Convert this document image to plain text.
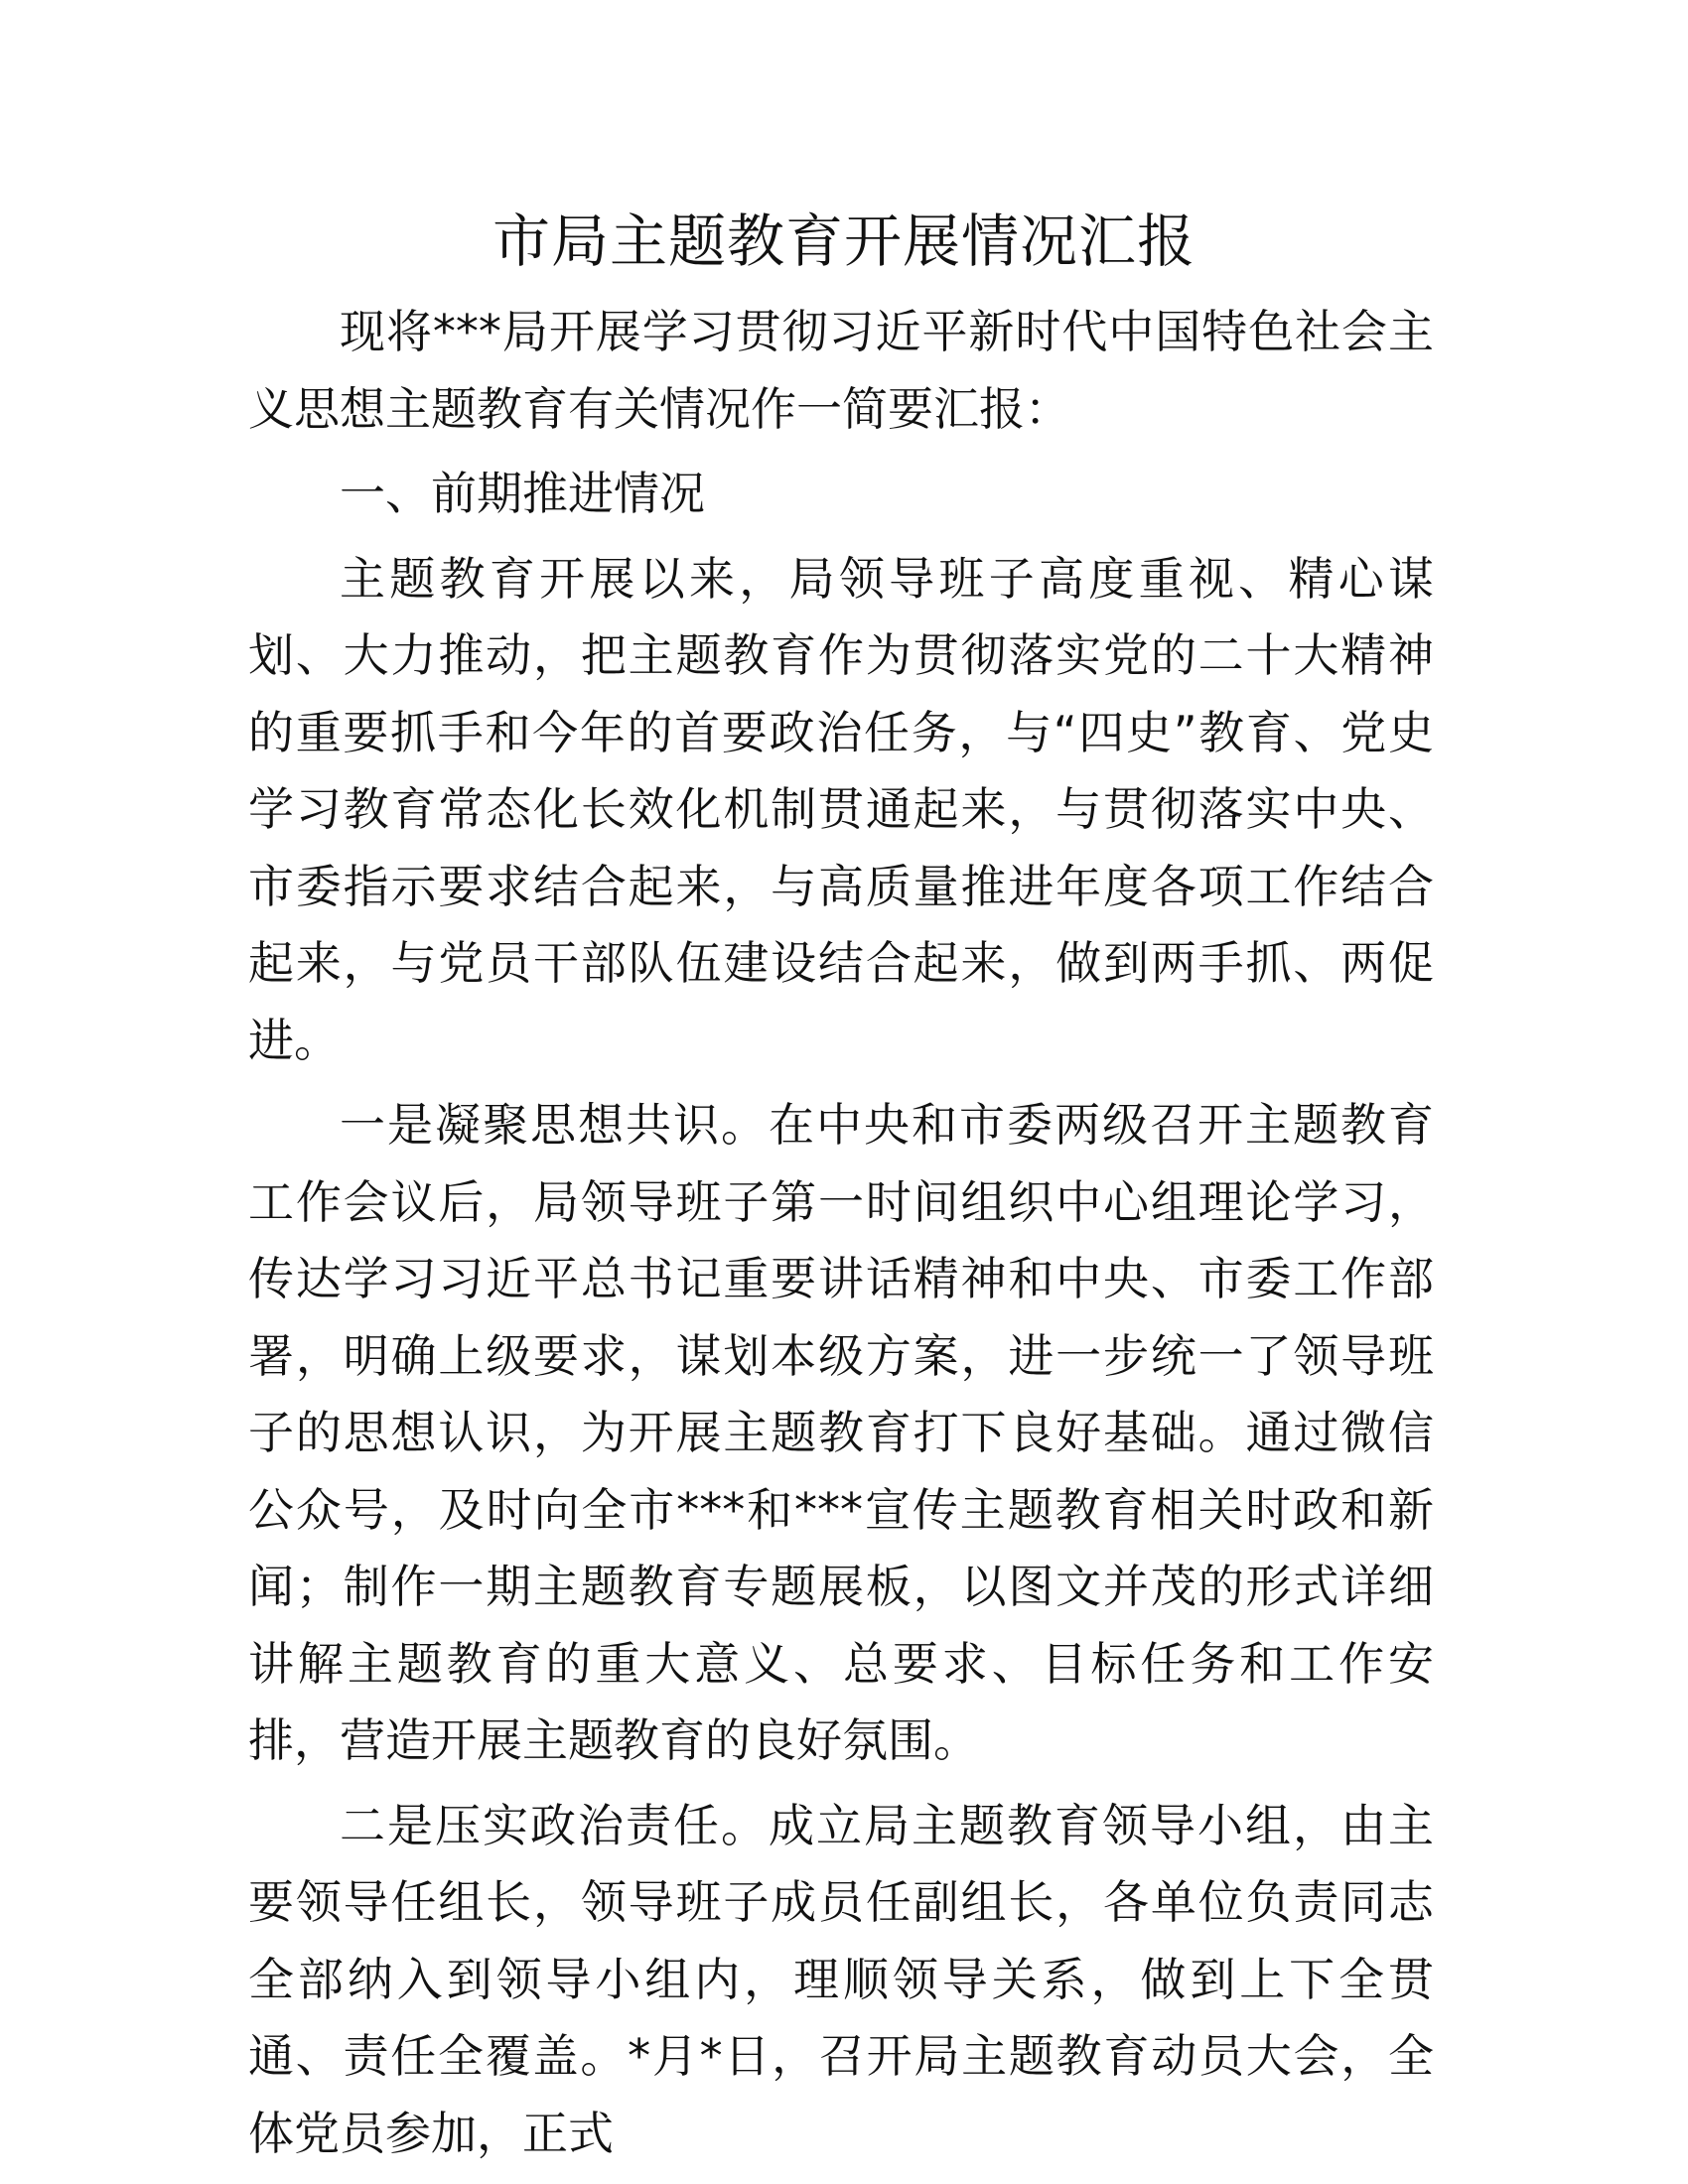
市局主题教育开展情况汇报

现将***局开展学习贯彻习近平新时代中国特色社会主义思想主题教育有关情况作一简要汇报：

一、前期推进情况

主题教育开展以来，局领导班子高度重视、精心谋划、大力推动，把主题教育作为贯彻落实党的二十大精神的重要抓手和今年的首要政治任务，与“四史”教育、党史学习教育常态化长效化机制贯通起来，与贯彻落实中央、市委指示要求结合起来，与高质量推进年度各项工作结合起来，与党员干部队伍建设结合起来，做到两手抓、两促进。

一是凝聚思想共识。在中央和市委两级召开主题教育工作会议后，局领导班子第一时间组织中心组理论学习，传达学习习近平总书记重要讲话精神和中央、市委工作部署，明确上级要求，谋划本级方案，进一步统一了领导班子的思想认识，为开展主题教育打下良好基础。通过微信公众号，及时向全市***和***宣传主题教育相关时政和新闻；制作一期主题教育专题展板，以图文并茂的形式详细讲解主题教育的重大意义、总要求、目标任务和工作安排，营造开展主题教育的良好氛围。

二是压实政治责任。成立局主题教育领导小组，由主要领导任组长，领导班子成员任副组长，各单位负责同志全部纳入到领导小组内，理顺领导关系，做到上下全贯通、责任全覆盖。*月*日，召开局主题教育动员大会，全体党员参加，正式
